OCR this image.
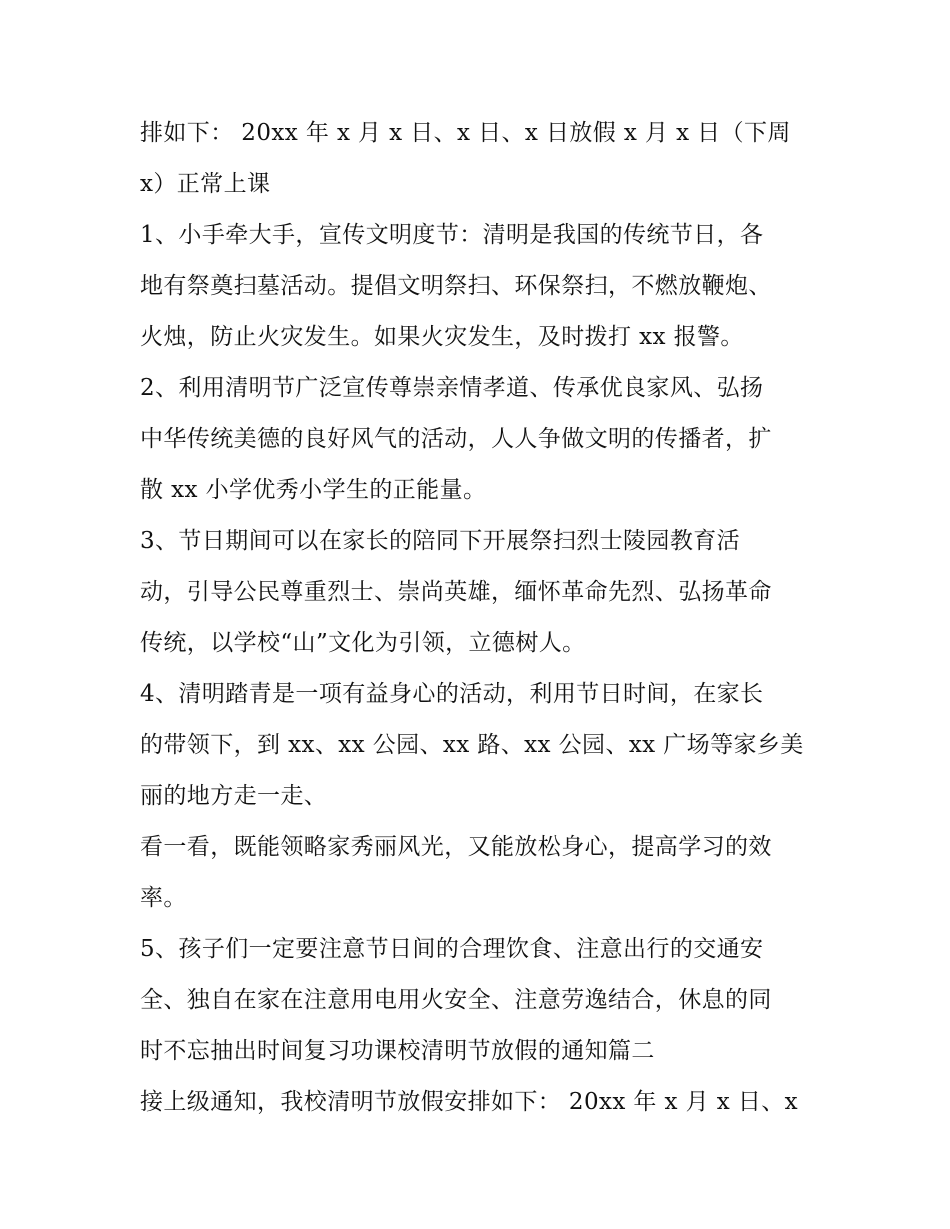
排如下： 20xx 年 x 月 x 日、x 日、x 日放假 x 月 x 日（下周
x）正常上课
1、小手牵大手，宣传文明度节：清明是我国的传统节日，各
地有祭奠扫墓活动。提倡文明祭扫、环保祭扫，不燃放鞭炮、
火烛，防止火灾发生。如果火灾发生，及时拨打 xx 报警。
2、利用清明节广泛宣传尊崇亲情孝道、传承优良家风、弘扬
中华传统美德的良好风气的活动，人人争做文明的传播者，扩
散 xx 小学优秀小学生的正能量。
3、节日期间可以在家长的陪同下开展祭扫烈士陵园教育活
动，引导公民尊重烈士、崇尚英雄，缅怀革命先烈、弘扬革命
传统，以学校“山”文化为引领，立德树人。
4、清明踏青是一项有益身心的活动，利用节日时间，在家长
的带领下，到 xx、xx 公园、xx 路、xx 公园、xx 广场等家乡美
丽的地方走一走、
看一看，既能领略家秀丽风光，又能放松身心，提高学习的效
率。
5、孩子们一定要注意节日间的合理饮食、注意出行的交通安
全、独自在家在注意用电用火安全、注意劳逸结合，休息的同
时不忘抽出时间复习功课校清明节放假的通知篇二
接上级通知，我校清明节放假安排如下： 20xx 年 x 月 x 日、x
